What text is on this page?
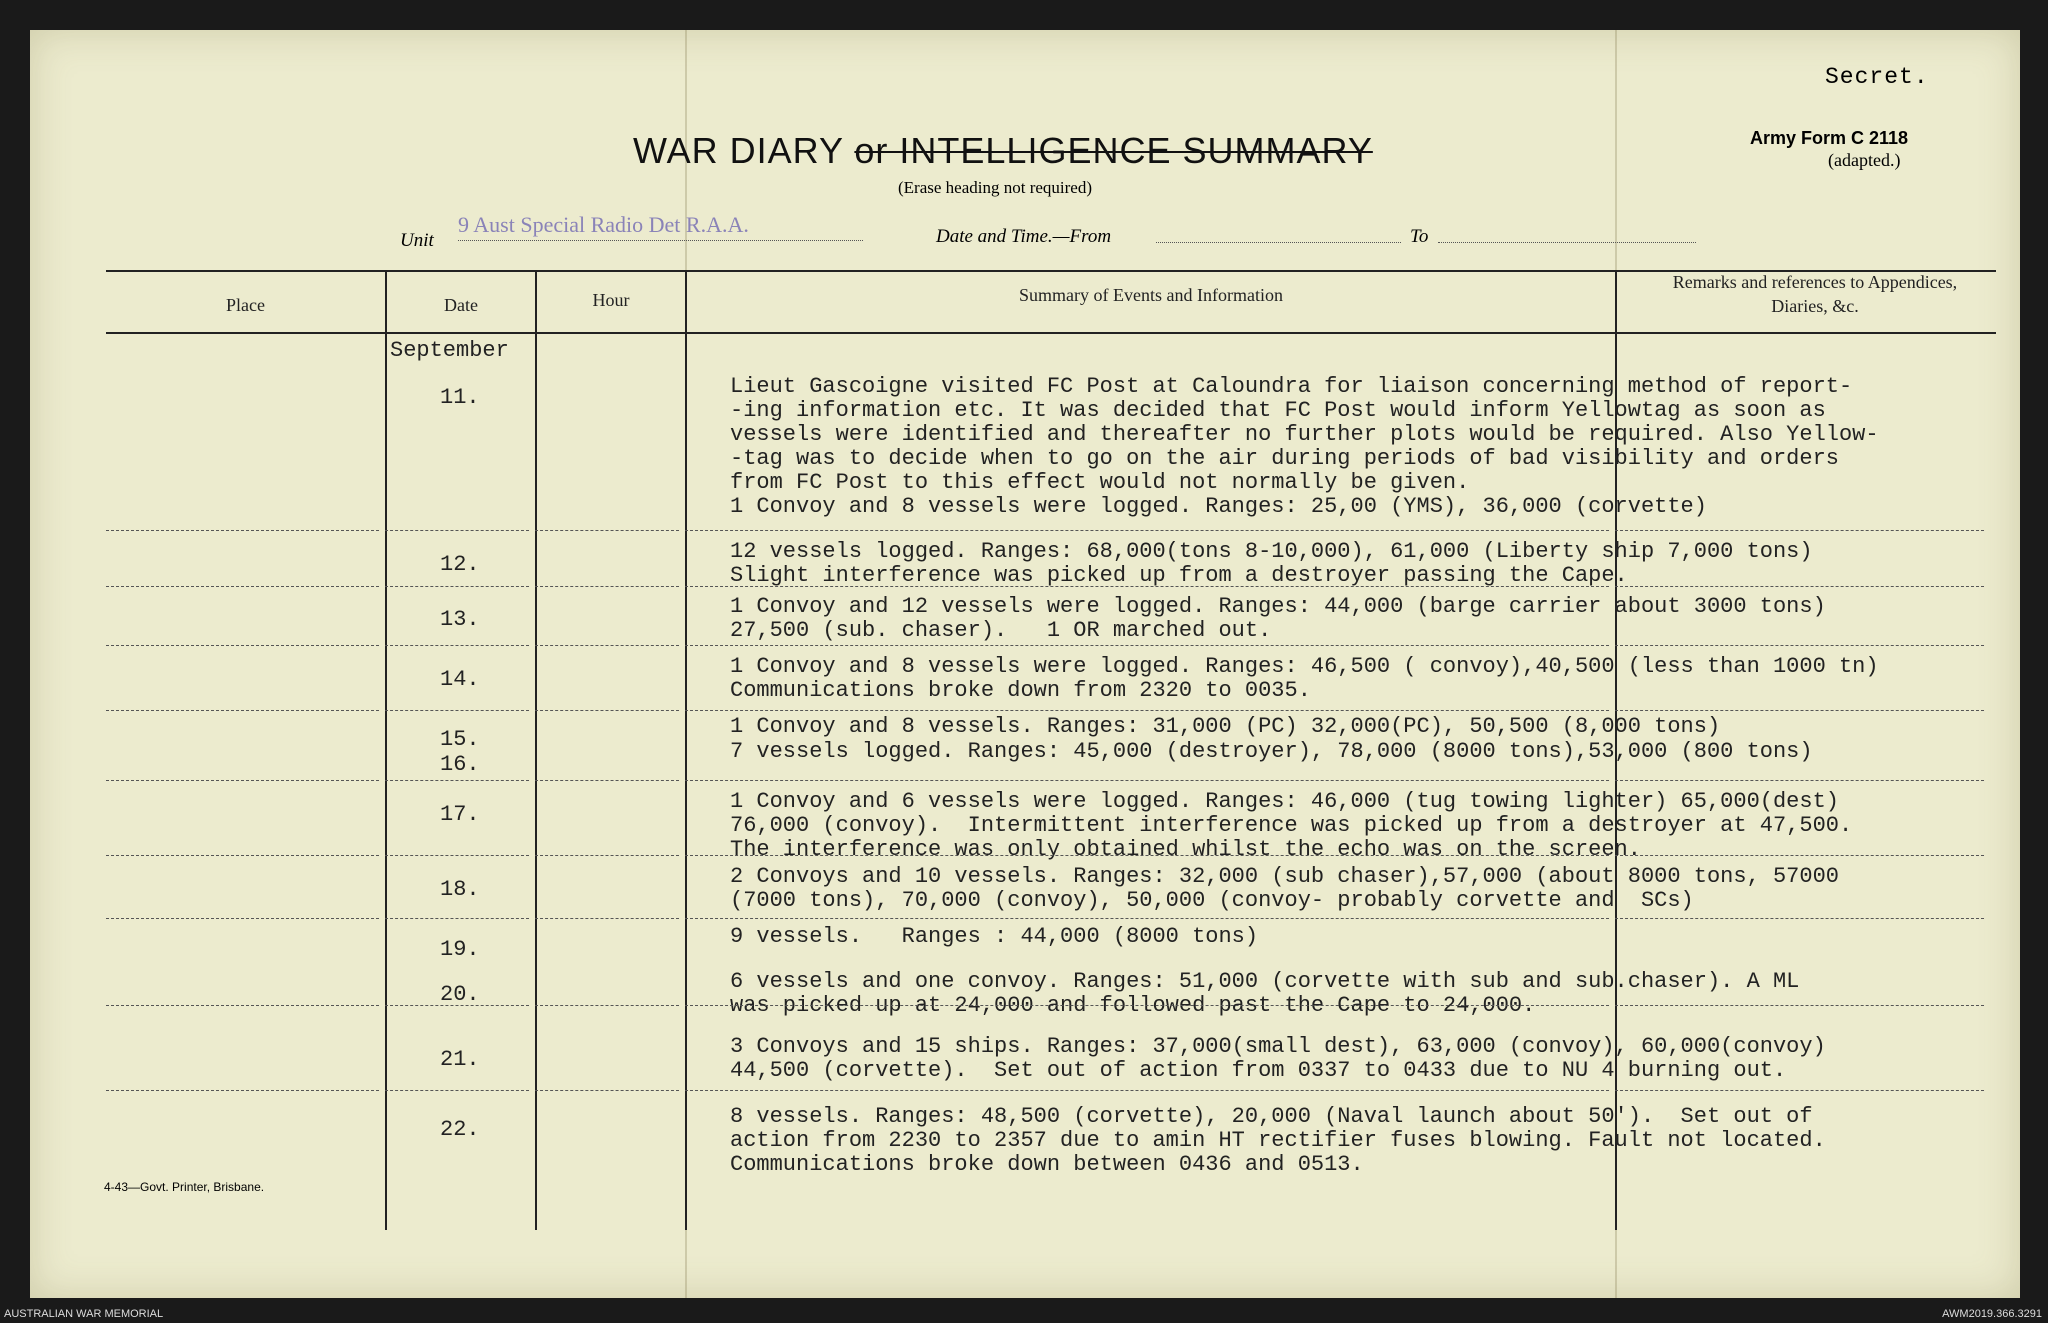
Secret.
Army Form C 2118
(adapted.)
WAR DIARY or INTELLIGENCE SUMMARY
(Erase heading not required)
Unit
9 Aust Special Radio Det R.A.A.	Date and Time.—From	To
Place	Date	Hour	Summary of Events and Information
Remarks and references to Appendices, Diaries, &c.
September
11.	Lieut Gascoigne visited FC Post at Caloundra for liaison concerning method of report-
-ing information etc. It was decided that FC Post would inform Yellowtag as soon as
vessels were identified and thereafter no further plots would be required. Also Yellow-
-tag was to decide when to go on the air during periods of bad visibility and orders
from FC Post to this effect would not normally be given.
1 Convoy and 8 vessels were logged. Ranges: 25,00 (YMS), 36,000 (corvette)
12.
12 vessels logged. Ranges: 68,000(tons 8-10,000), 61,000 (Liberty ship 7,000 tons)
Slight interference was picked up from a destroyer passing the Cape.
13.
1 Convoy and 12 vessels were logged. Ranges: 44,000 (barge carrier about 3000 tons)
27,500 (sub. chaser).   1 OR marched out.
14.
1 Convoy and 8 vessels were logged. Ranges: 46,500 ( convoy),40,500 (less than 1000 tn)
Communications broke down from 2320 to 0035.
15.
1 Convoy and 8 vessels. Ranges: 31,000 (PC) 32,000(PC), 50,500 (8,000 tons)
16.
7 vessels logged. Ranges: 45,000 (destroyer), 78,000 (8000 tons),53,000 (800 tons)
17.
1 Convoy and 6 vessels were logged. Ranges: 46,000 (tug towing lighter) 65,000(dest)
76,000 (convoy).  Intermittent interference was picked up from a destroyer at 47,500.
The interference was only obtained whilst the echo was on the screen.
18.
2 Convoys and 10 vessels. Ranges: 32,000 (sub chaser),57,000 (about 8000 tons, 57000
(7000 tons), 70,000 (convoy), 50,000 (convoy- probably corvette and  SCs)
19.
9 vessels.   Ranges : 44,000 (8000 tons)
20.
6 vessels and one convoy. Ranges: 51,000 (corvette with sub and sub.chaser). A ML
was picked up at 24,000 and followed past the Cape to 24,000.
21.
3 Convoys and 15 ships. Ranges: 37,000(small dest), 63,000 (convoy), 60,000(convoy)
44,500 (corvette).  Set out of action from 0337 to 0433 due to NU 4 burning out.
22.
8 vessels. Ranges: 48,500 (corvette), 20,000 (Naval launch about 50').  Set out of
action from 2230 to 2357 due to amin HT rectifier fuses blowing. Fault not located.
Communications broke down between 0436 and 0513.
4-43—Govt. Printer, Brisbane.
AUSTRALIAN WAR MEMORIAL	AWM2019.366.3291
